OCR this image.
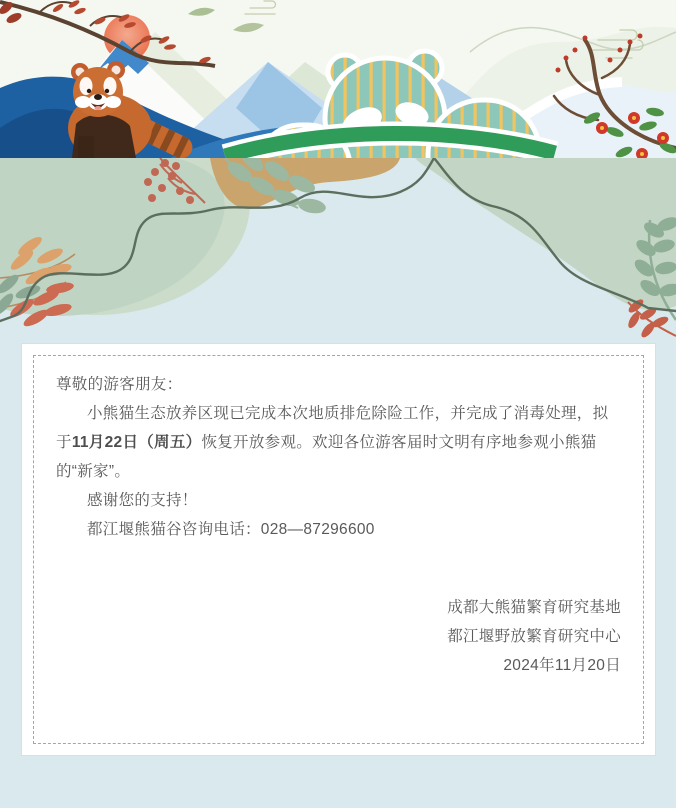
尊敬的游客朋友：

小熊猫生态放养区现已完成本次地质排危除险工作，并完成了消毒处理，拟于11月22日（周五）恢复开放参观。欢迎各位游客届时文明有序地参观小熊猫的“新家”。

感谢您的支持！

都江堰熊猫谷咨询电话：028—87296600

成都大熊猫繁育研究基地
都江堰野放繁育研究中心
2024年11月20日
